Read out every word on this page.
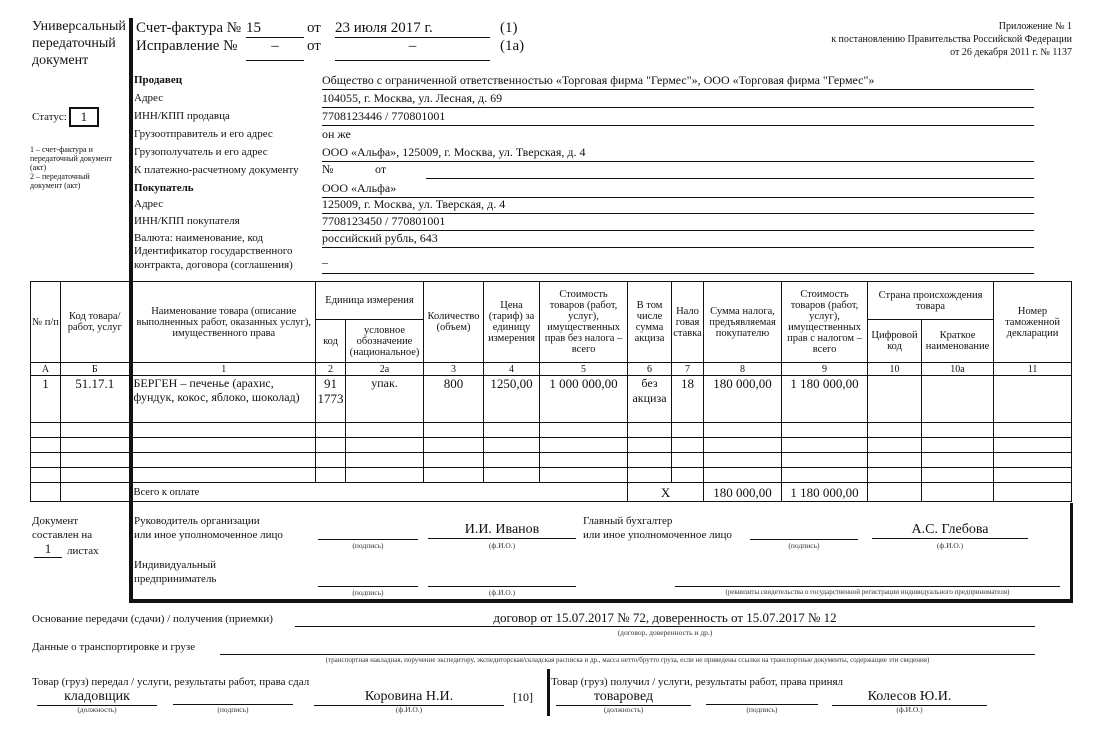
Универсальный
передаточный
документ
Статус:	1
1 – счет-фактура и
передаточный документ
(акт)
2 – передаточный
документ (акт)
Счет-фактура № 15	от 23 июля 2017 г.	(1)
Исправление №	–	от	–	(1а)
Приложение № 1
к постановлению Правительства Российской Федерации
от 26 декабря 2011 г. № 1137
Продавец	Общество с ограниченной ответственностью «Торговая фирма "Гермес"», ООО «Торговая фирма "Гермес"»
Адрес	104055, г. Москва, ул. Лесная, д. 69
ИНН/КПП продавца	7708123446 / 770801001
Грузоотправитель и его адрес	он же
Грузополучатель и его адрес	ООО «Альфа», 125009, г. Москва, ул. Тверская, д. 4
К платежно-расчетному документу №	от
Покупатель	ООО «Альфа»
Адрес	125009, г. Москва, ул. Тверская, д. 4
ИНН/КПП покупателя	7708123450 / 770801001
Валюта: наименование, код	российский рубль, 643
Идентификатор государственного
контракта, договора (соглашения) –
№ п/п	Код товара/ работ, услуг	Наименование товара (описание выполненных работ, оказанных услуг), имущественного права	Единица измерения		Количество (объем)	Цена (тариф) за единицу измерения	Стоимость товаров (работ, услуг), имущественных прав без налога – всего	В том числе сумма акциза	Нало говая ставка	Сумма налога, предъявляемая покупателю	Стоимость товаров (работ, услуг), имущественных прав с налогом – всего	Страна происхождения товара		Номер таможенной декларации
			код	условное обозначение (национальное)								Цифровой код	Краткое наименование	
А	Б	1	2	2а	3	4	5	6	7	8	9	10	10а	11
1	51.17.1	БЕРГЕН – печенье (арахис, фундук, кокос, яблоко, шоколад)	91 1773	упак.	800	1250,00	1 000 000,00	без акциза	18	180 000,00	1 180 000,00			

		Всего к оплате						Х		180 000,00	1 180 000,00			
Документ
составлен на
1	листах
Руководитель организации
или иное уполномоченное лицо
(подпись)
И.И. Иванов
(ф.И.О.)
Главный бухгалтер
или иное уполномоченное лицо
(подпись)
А.С. Глебова
(ф.И.О.)
Индивидуальный
предприниматель
(подпись)	(ф.И.О.)	(реквизиты свидетельства о государственной регистрации индивидуального предпринимателя)
Основание передачи (сдачи) / получения (приемки)	договор от 15.07.2017 № 72, доверенность от 15.07.2017 № 12
(договор, доверенность и др.)
Данные о транспортировке и грузе
(транспортная накладная, поручение экспедитору, экспедиторская/складская расписка и др., масса нетто/брутто груза, если не приведены ссылки на транспортные документы, содержащие эти сведения)
Товар (груз) передал / услуги, результаты работ, права сдал
кладовщик
(должность)	(подпись)
Коровина Н.И.
(ф.И.О.)
[10]
Товар (груз) получил / услуги, результаты работ, права принял
товаровед
(должность)	(подпись)
Колесов Ю.И.
(ф.И.О.)
